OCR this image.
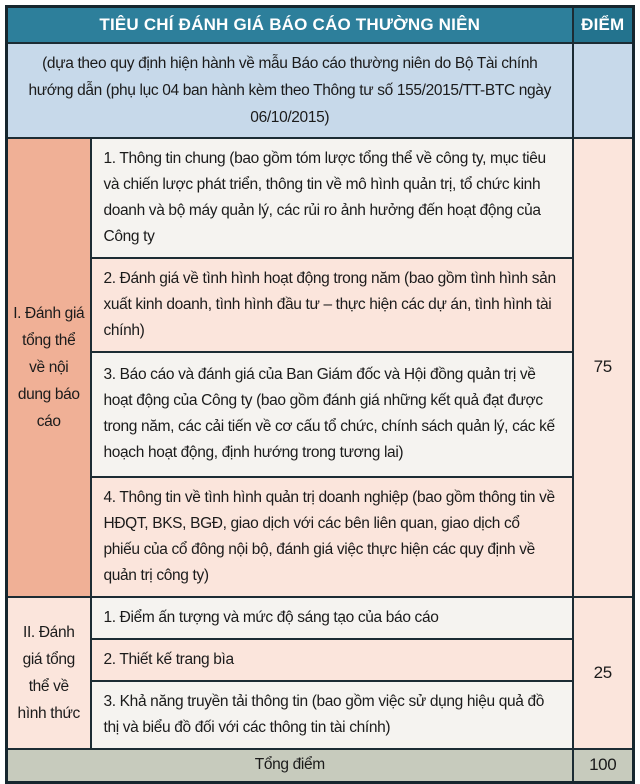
TIÊU CHÍ ĐÁNH GIÁ BÁO CÁO THƯỜNG NIÊN		ĐIỂM
(dựa theo quy định hiện hành về mẫu Báo cáo thường niên do Bộ Tài chính hướng dẫn (phụ lục 04 ban hành kèm theo Thông tư số 155/2015/TT-BTC ngày 06/10/2015)		
I. Đánh giá tổng thể về nội dung báo cáo	1. Thông tin chung (bao gồm tóm lược tổng thể về công ty, mục tiêu và chiến lược phát triển, thông tin về mô hình quản trị, tổ chức kinh doanh và bộ máy quản lý, các rủi ro ảnh hưởng đến hoạt động của Công ty	75
	2. Đánh giá về tình hình hoạt động trong năm (bao gồm tình hình sản xuất kinh doanh, tình hình đầu tư – thực hiện các dự án, tình hình tài chính)	
	3. Báo cáo và đánh giá của Ban Giám đốc và Hội đồng quản trị về hoạt động của Công ty (bao gồm đánh giá những kết quả đạt được trong năm, các cải tiến về cơ cấu tổ chức, chính sách quản lý, các kế hoạch hoạt động, định hướng trong tương lai)	
	4. Thông tin về tình hình quản trị doanh nghiệp (bao gồm thông tin về HĐQT, BKS, BGĐ, giao dịch với các bên liên quan, giao dịch cổ phiếu của cổ đông nội bộ, đánh giá việc thực hiện các quy định về quản trị công ty)	
II. Đánh giá tổng thể về hình thức	1. Điểm ấn tượng và mức độ sáng tạo của báo cáo	25
	2. Thiết kế trang bìa	
	3. Khả năng truyền tải thông tin (bao gồm việc sử dụng hiệu quả đồ thị và biểu đồ đối với các thông tin tài chính)	
Tổng điểm		100
